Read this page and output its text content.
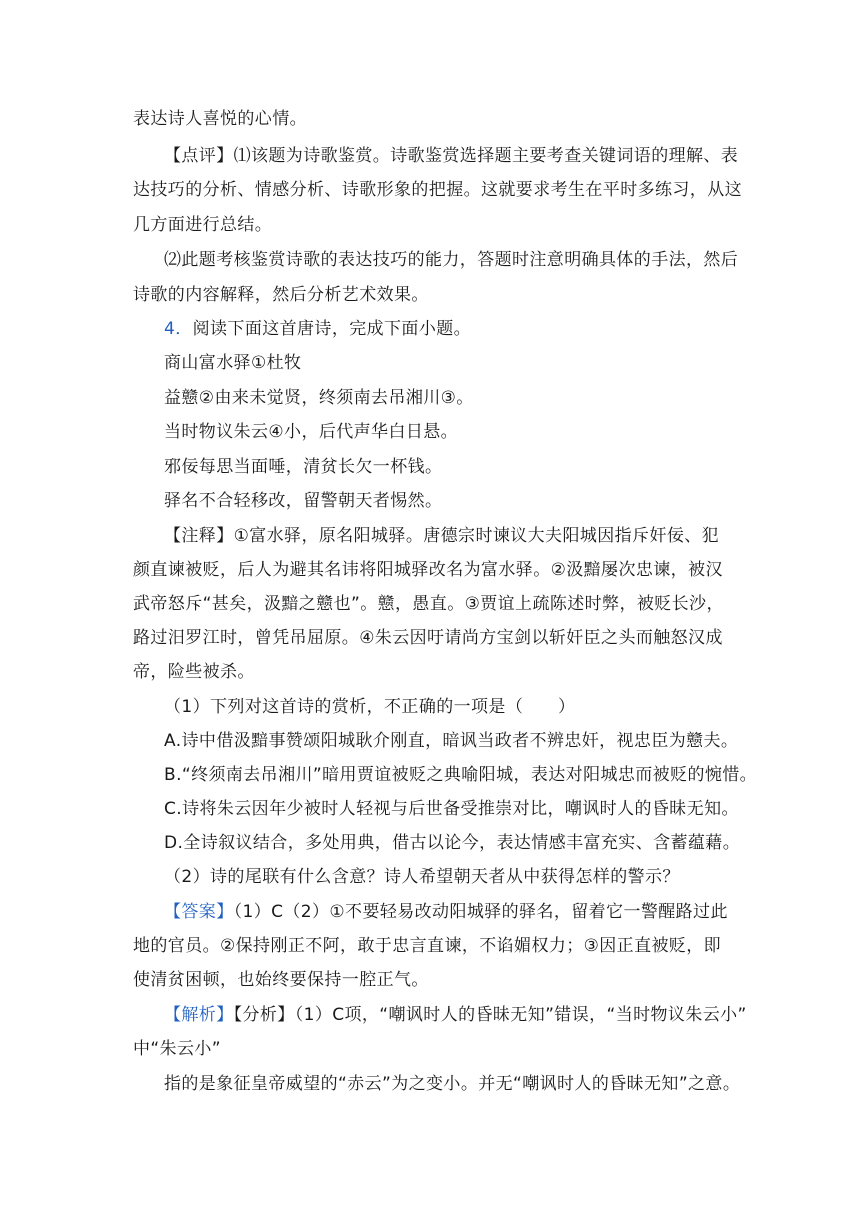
表达诗人喜悦的心情。
【点评】⑴该题为诗歌鉴赏。诗歌鉴赏选择题主要考查关键词语的理解、表
达技巧的分析、情感分析、诗歌形象的把握。这就要求考生在平时多练习，从这
几方面进行总结。
⑵此题考核鉴赏诗歌的表达技巧的能力，答题时注意明确具体的手法，然后
诗歌的内容解释，然后分析艺术效果。
4．阅读下面这首唐诗，完成下面小题。
商山富水驿①杜牧
益戆②由来未觉贤，终须南去吊湘川③。
当时物议朱云④小，后代声华白日悬。
邪佞每思当面唾，清贫长欠一杯钱。
驿名不合轻移改，留警朝天者惕然。
【注释】①富水驿，原名阳城驿。唐德宗时谏议大夫阳城因指斥奸佞、犯
颜直谏被贬，后人为避其名讳将阳城驿改名为富水驿。②汲黯屡次忠谏，被汉
武帝怒斥“甚矣，汲黯之戆也”。戆，愚直。③贾谊上疏陈述时弊，被贬长沙，
路过汨罗江时，曾凭吊屈原。④朱云因吁请尚方宝剑以斩奸臣之头而触怒汉成
帝，险些被杀。
（1）下列对这首诗的赏析，不正确的一项是（　　）
A.诗中借汲黯事赞颂阳城耿介刚直，暗讽当政者不辨忠奸，视忠臣为戆夫。
B.“终须南去吊湘川”暗用贾谊被贬之典喻阳城，表达对阳城忠而被贬的惋惜。
C.诗将朱云因年少被时人轻视与后世备受推崇对比，嘲讽时人的昏昧无知。
D.全诗叙议结合，多处用典，借古以论今，表达情感丰富充实、含蓄蕴藉。
（2）诗的尾联有什么含意？诗人希望朝天者从中获得怎样的警示？
【答案】（1）C（2）①不要轻易改动阳城驿的驿名，留着它一警醒路过此
地的官员。②保持刚正不阿，敢于忠言直谏，不谄媚权力；③因正直被贬，即
使清贫困顿，也始终要保持一腔正气。
【解析】【分析】（1）C项，“嘲讽时人的昏昧无知”错误，“当时物议朱云小”
中“朱云小”
指的是象征皇帝威望的“赤云”为之变小。并无“嘲讽时人的昏昧无知”之意。
